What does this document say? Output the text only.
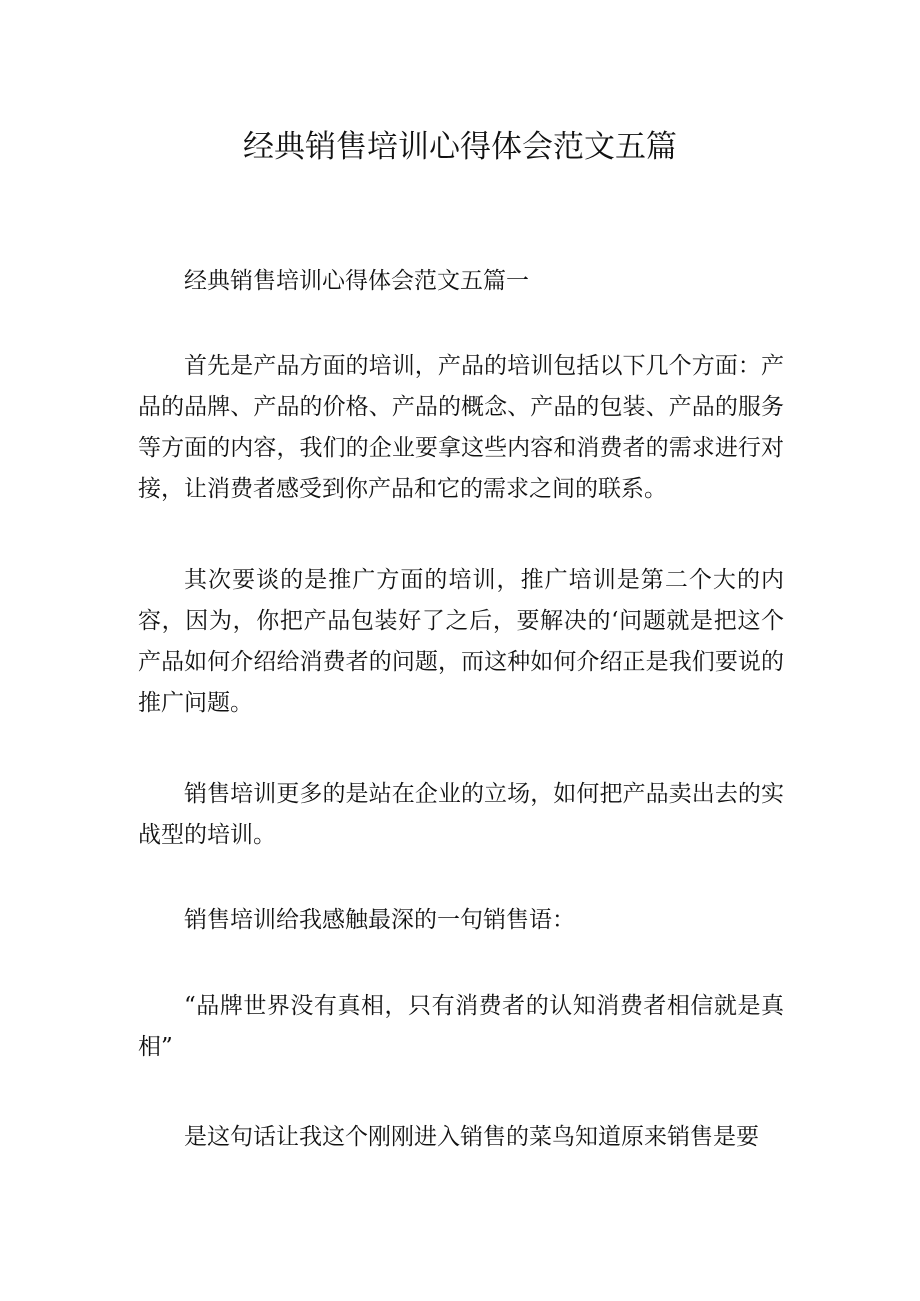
经典销售培训心得体会范文五篇

经典销售培训心得体会范文五篇一

首先是产品方面的培训，产品的培训包括以下几个方面：产品的品牌、产品的价格、产品的概念、产品的包装、产品的服务等方面的内容，我们的企业要拿这些内容和消费者的需求进行对接，让消费者感受到你产品和它的需求之间的联系。

其次要谈的是推广方面的培训，推广培训是第二个大的内容，因为，你把产品包装好了之后，要解决的‘问题就是把这个产品如何介绍给消费者的问题，而这种如何介绍正是我们要说的推广问题。

销售培训更多的是站在企业的立场，如何把产品卖出去的实战型的培训。

销售培训给我感触最深的一句销售语：

“品牌世界没有真相，只有消费者的认知消费者相信就是真相”

是这句话让我这个刚刚进入销售的菜鸟知道原来销售是要
